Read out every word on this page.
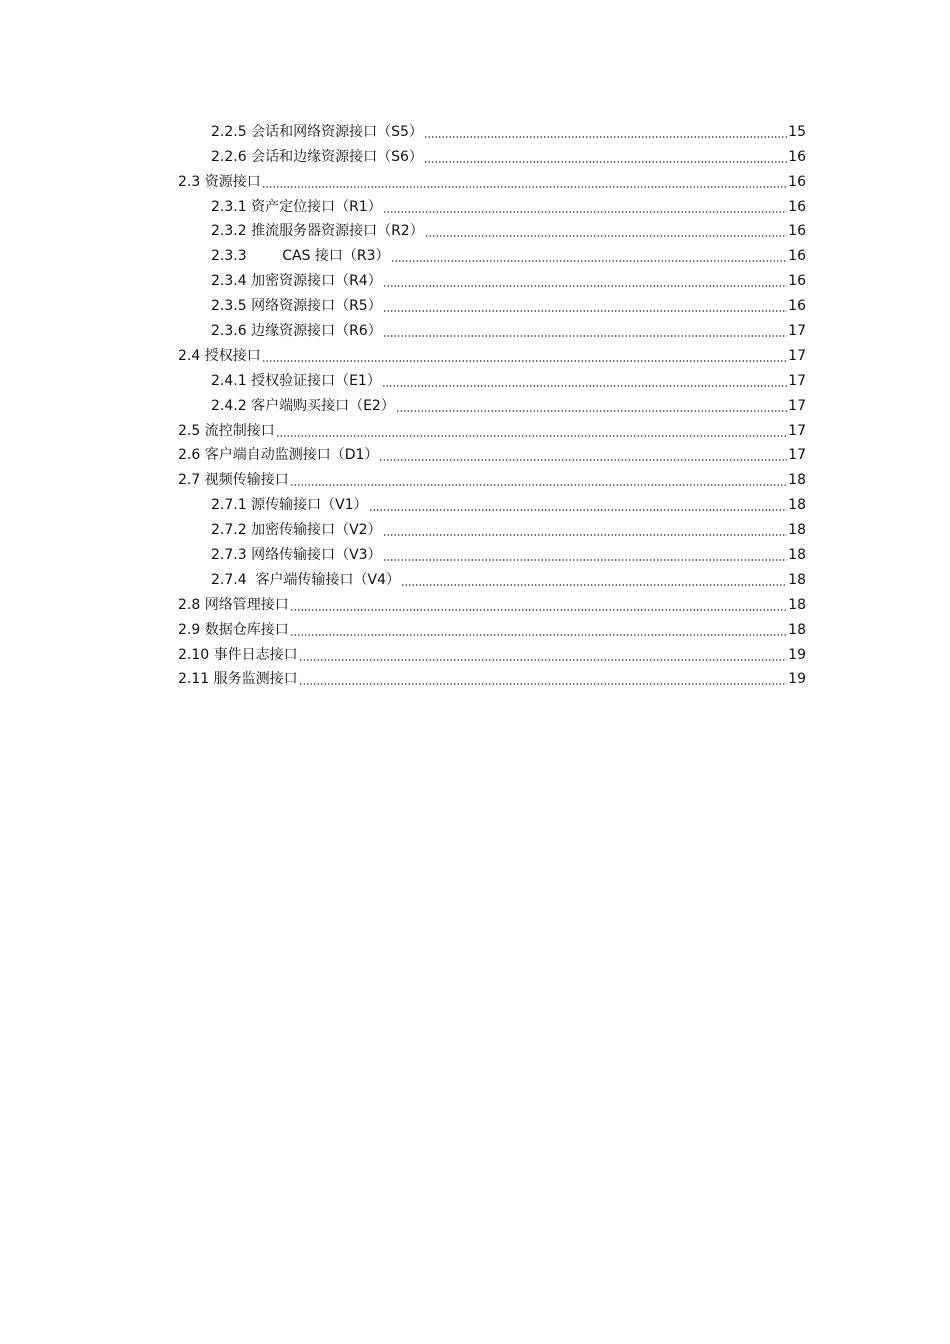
2.2.5 会话和网络资源接口（S5）	15
2.2.6 会话和边缘资源接口（S6）	16
2.3 资源接口	16
2.3.1 资产定位接口（R1）	16
2.3.2 推流服务器资源接口（R2）	16
2.3.3        CAS 接口（R3）	16
2.3.4 加密资源接口（R4）	16
2.3.5 网络资源接口（R5）	16
2.3.6 边缘资源接口（R6）	17
2.4 授权接口	17
2.4.1 授权验证接口（E1）	17
2.4.2 客户端购买接口（E2）	17
2.5 流控制接口	17
2.6 客户端自动监测接口（D1）	17
2.7 视频传输接口	18
2.7.1 源传输接口（V1）	18
2.7.2 加密传输接口（V2）	18
2.7.3 网络传输接口（V3）	18
2.7.4  客户端传输接口（V4）	18
2.8 网络管理接口	18
2.9 数据仓库接口	18
2.10 事件日志接口	19
2.11 服务监测接口	19
